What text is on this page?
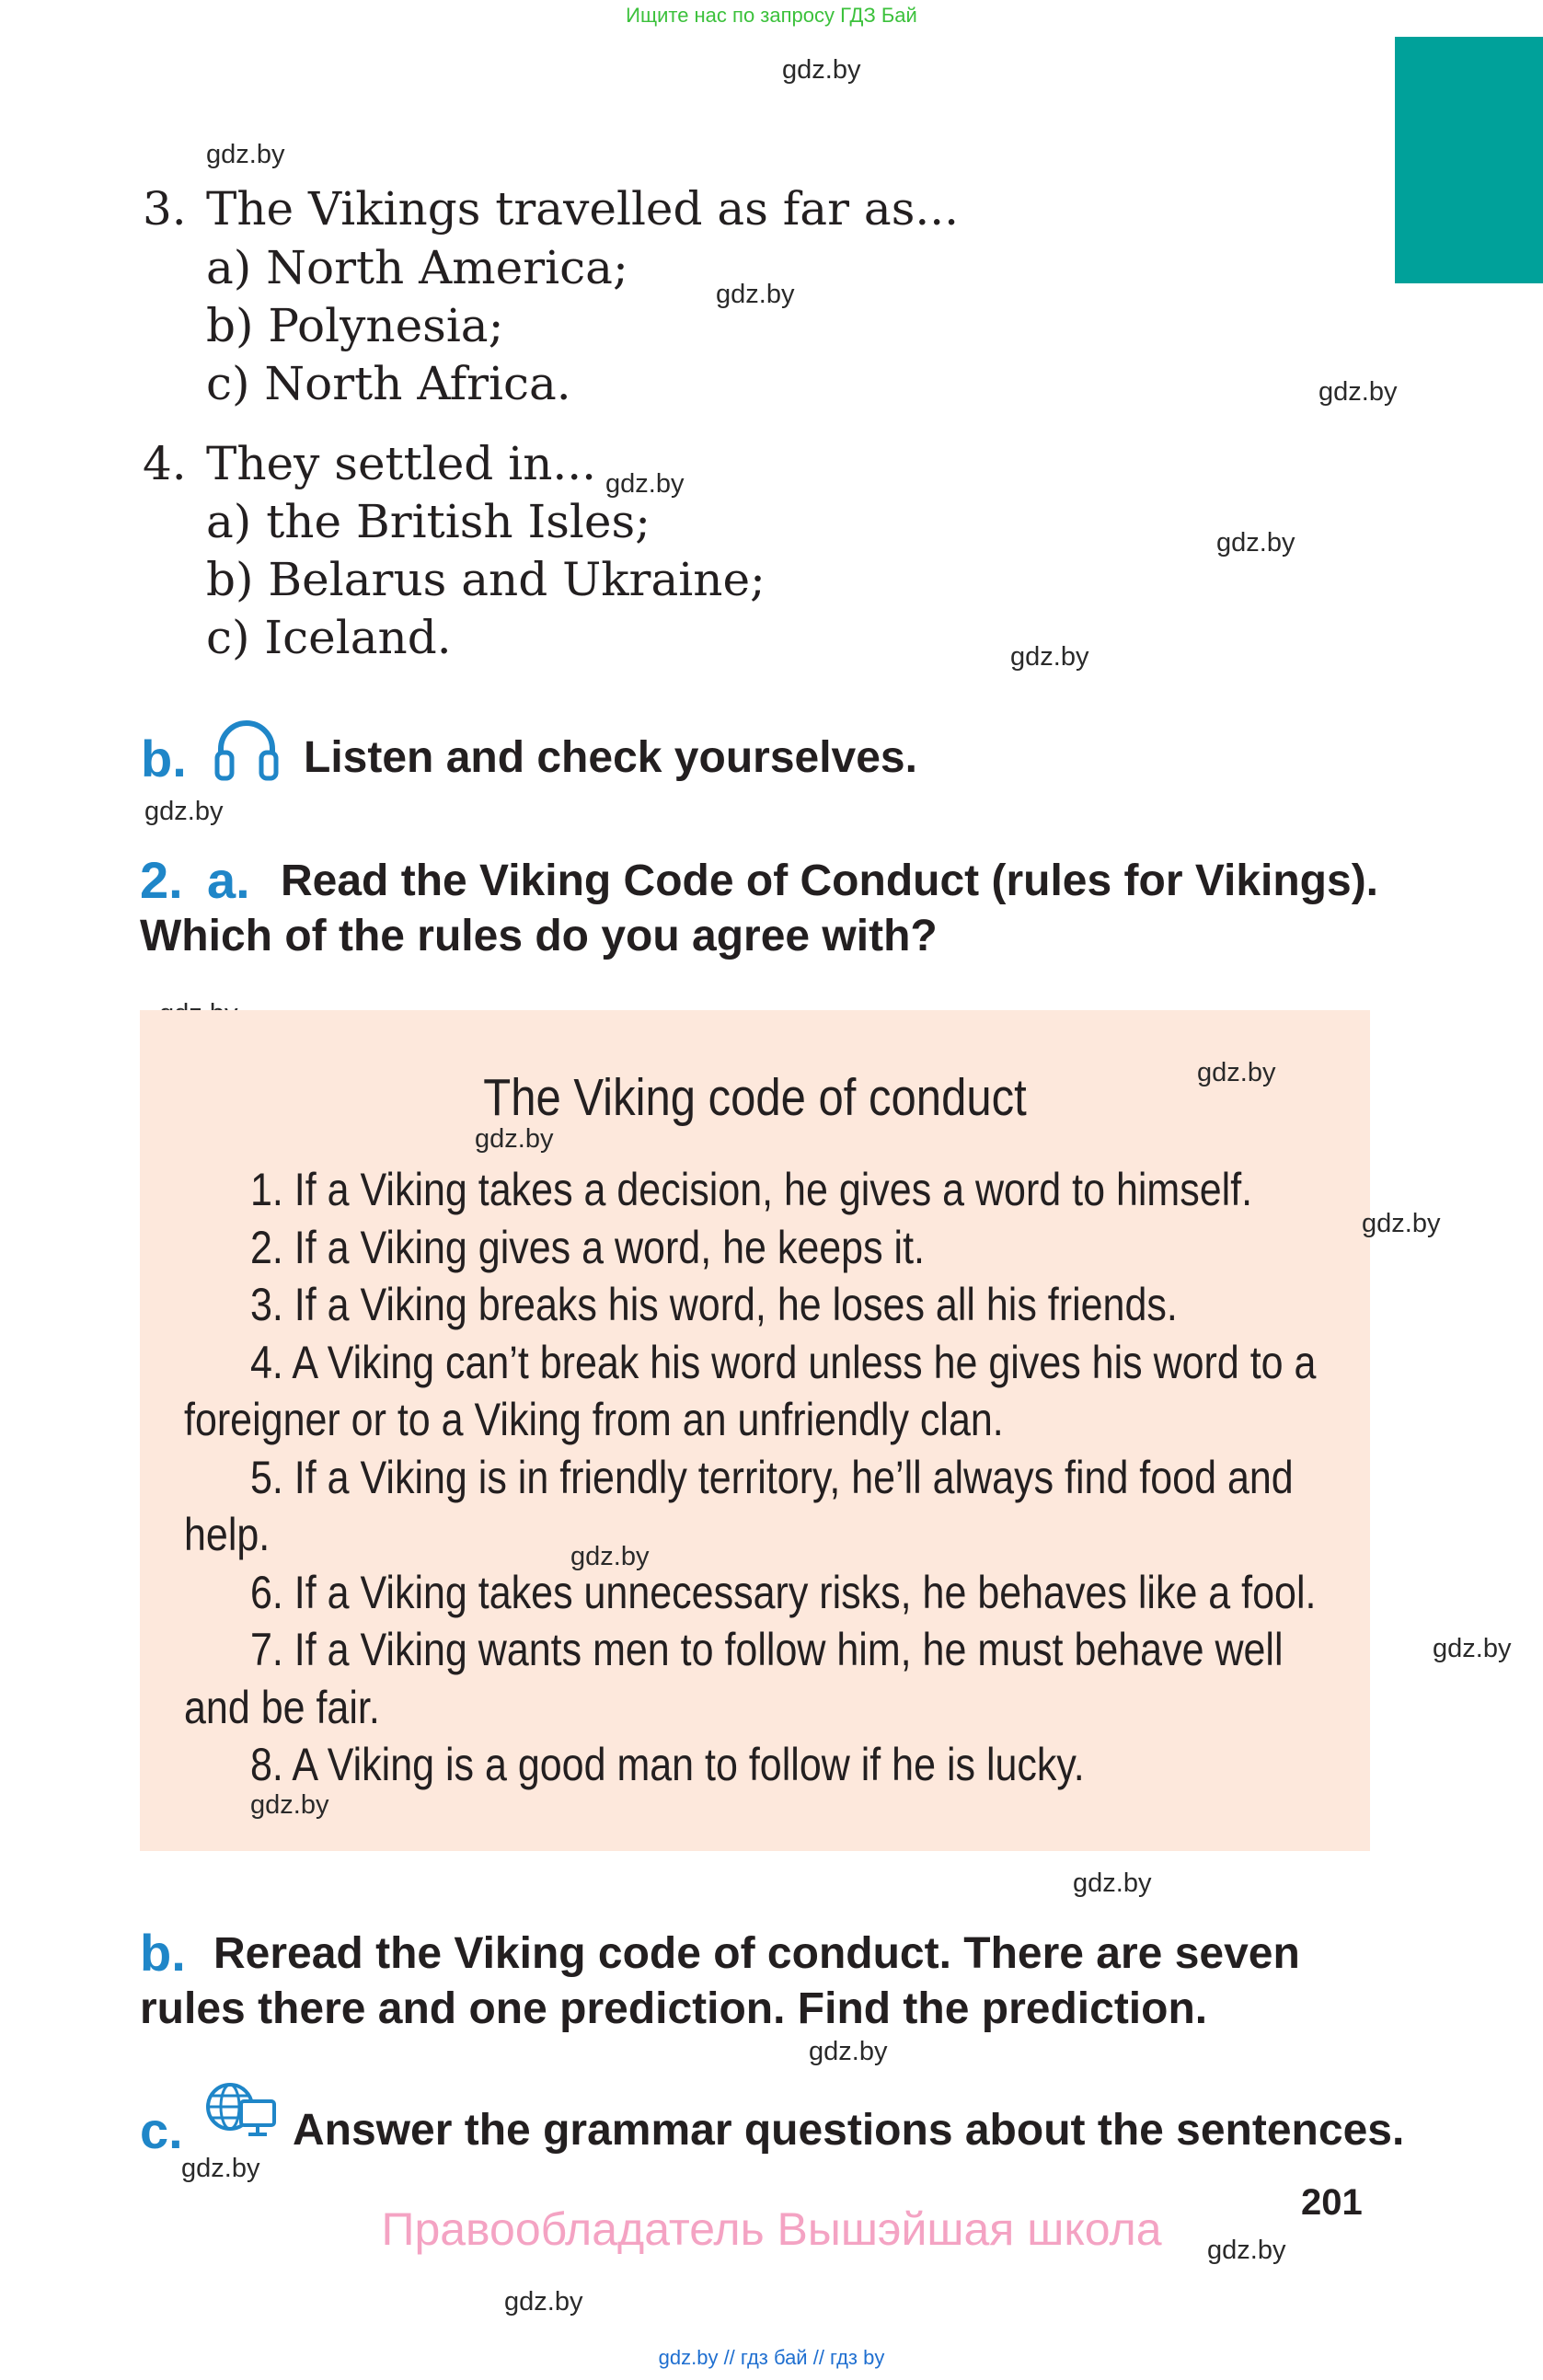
Ищите нас по запросу ГДЗ Бай
gdz.by
gdz.by
gdz.by
gdz.by
gdz.by
gdz.by
gdz.by
gdz.by
3. The Vikings travelled as far as...
a) North America;
b) Polynesia;
c) North Africa.
4. They settled in...
a) the British Isles;
b) Belarus and Ukraine;
c) Iceland.
b.	Listen and check yourselves.
2. a. Read the Viking Code of Conduct (rules for Vikings).
Which of the rules do you agree with?
The Viking code of conduct
1. If a Viking takes a decision, he gives a word to himself.
2. If a Viking gives a word, he keeps it.
3. If a Viking breaks his word, he loses all his friends.
4. A Viking can’t break his word unless he gives his word to a
foreigner or to a Viking from an unfriendly clan.
5. If a Viking is in friendly territory, he’ll always find food and
help.
6. If a Viking takes unnecessary risks, he behaves like a fool.
7. If a Viking wants men to follow him, he must behave well
and be fair.
8. A Viking is a good man to follow if he is lucky.
gdz.by
gdz.by
gdz.by
gdz.by
gdz.by
gdz.by
gdz.by
b. Reread the Viking code of conduct. There are seven
rules there and one prediction. Find the prediction.
gdz.by
c. Answer the grammar questions about the sentences.
gdz.by
201
Правообладатель Вышэйшая школа	gdz.by
gdz.by
gdz.by // гдз бай // гдз by
